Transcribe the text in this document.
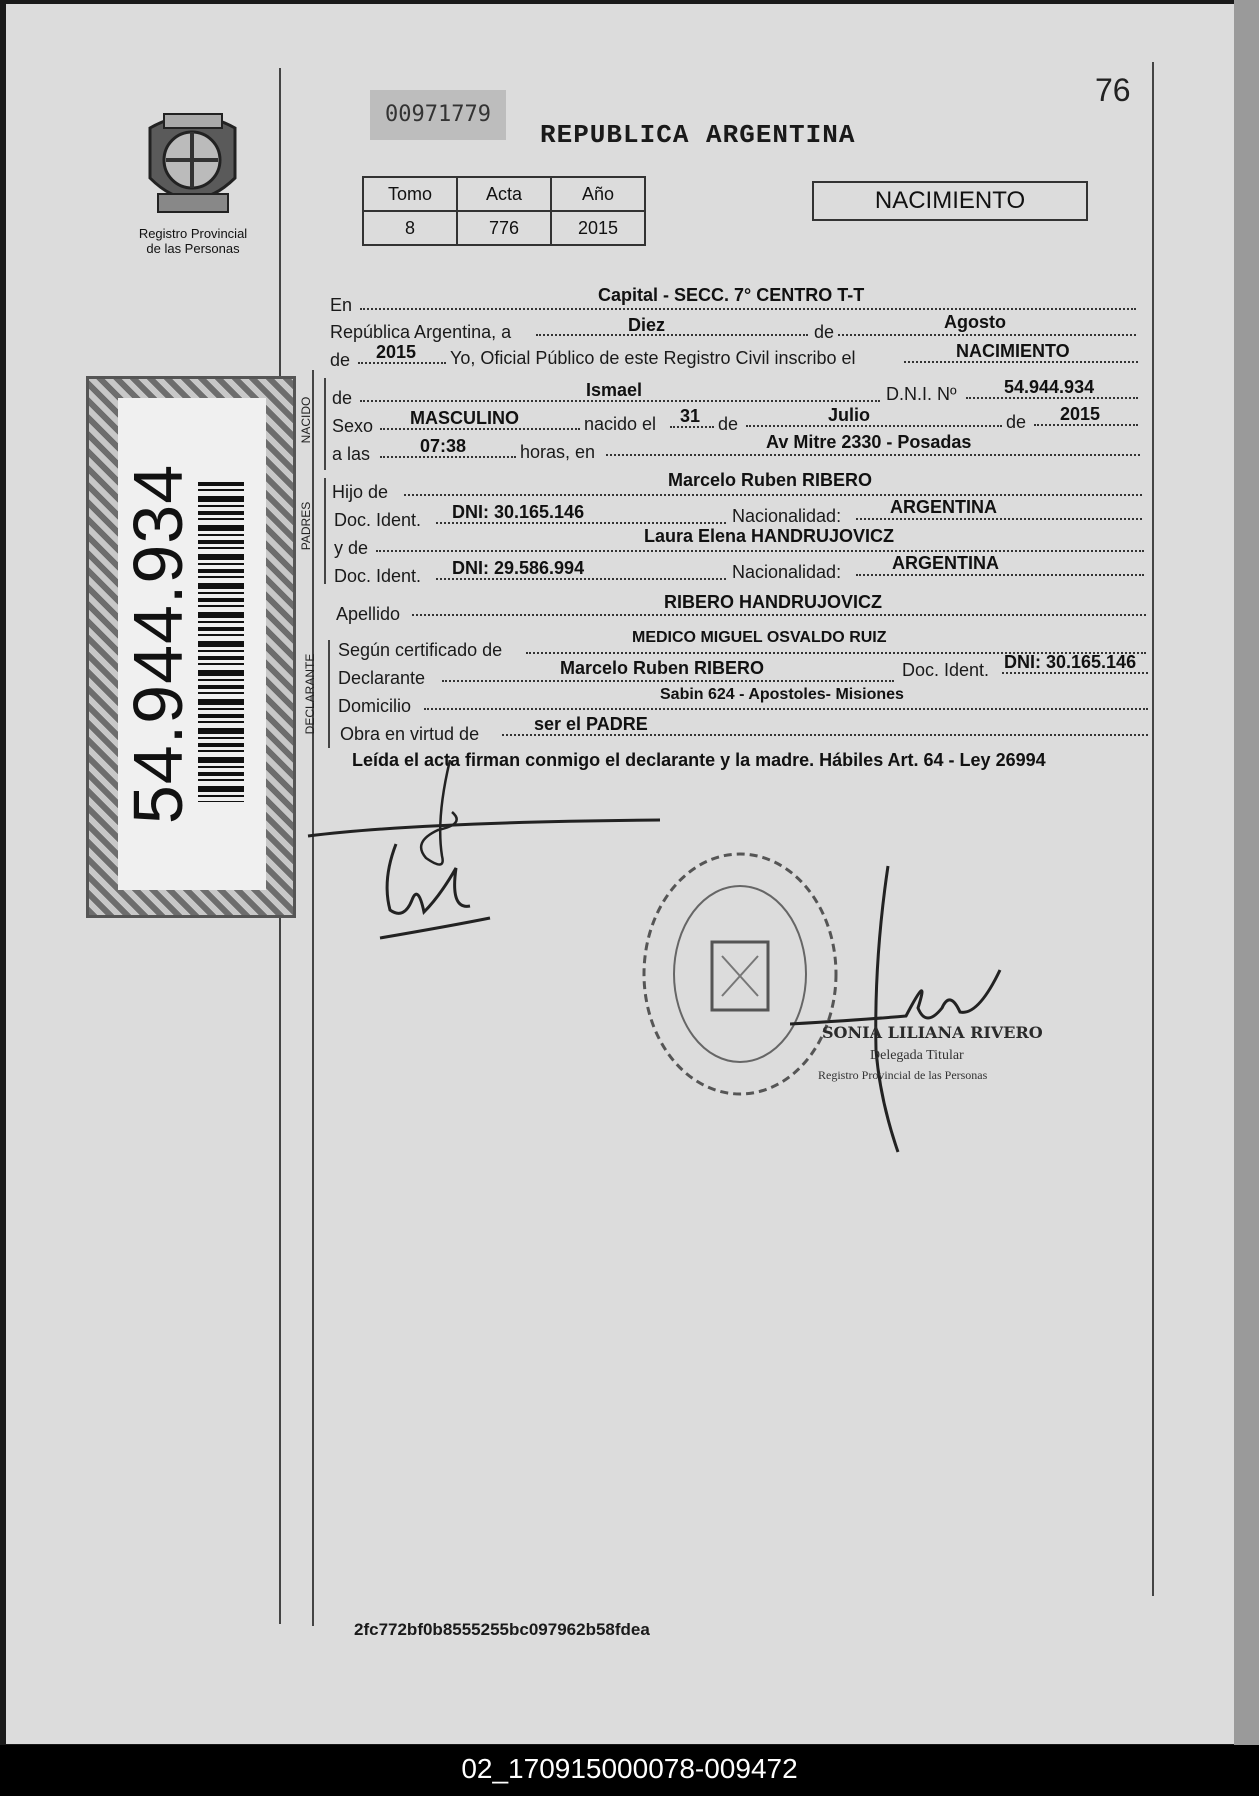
76
Registro Provincial
de las Personas
54.944.934
00971779
REPUBLICA ARGENTINA
Tomo	Acta	Año
8	776	2015
NACIMIENTO
NACIDO
PADRES
DECLARANTE
En	Capital - SECC. 7° CENTRO T-T
República Argentina, a	Diez	de	Agosto
de 2015 Yo, Oficial Público de este Registro Civil inscribo el	NACIMIENTO
de	Ismael	D.N.I. Nº	54.944.934
Sexo MASCULINO	nacido el 31 de	Julio	de 2015
a las	07:38	horas, en	Av Mitre 2330 - Posadas
Hijo de
Marcelo Ruben RIBERO
Doc. Ident. DNI: 30.165.146	Nacionalidad:	ARGENTINA
y de
Laura Elena HANDRUJOVICZ
Doc. Ident. DNI: 29.586.994	Nacionalidad:	ARGENTINA
Apellido
RIBERO HANDRUJOVICZ
Según certificado de
MEDICO MIGUEL OSVALDO RUIZ
Declarante	Marcelo Ruben RIBERO	Doc. Ident. DNI: 30.165.146
Domicilio
Sabin 624 - Apostoles- Misiones
Obra en virtud de	ser el PADRE
Leída el acta firman conmigo el declarante y la madre. Hábiles Art. 64 - Ley 26994
SONIA LILIANA RIVERO
Delegada Titular
Registro Provincial de las Personas
2fc772bf0b8555255bc097962b58fdea
02_170915000078-009472
